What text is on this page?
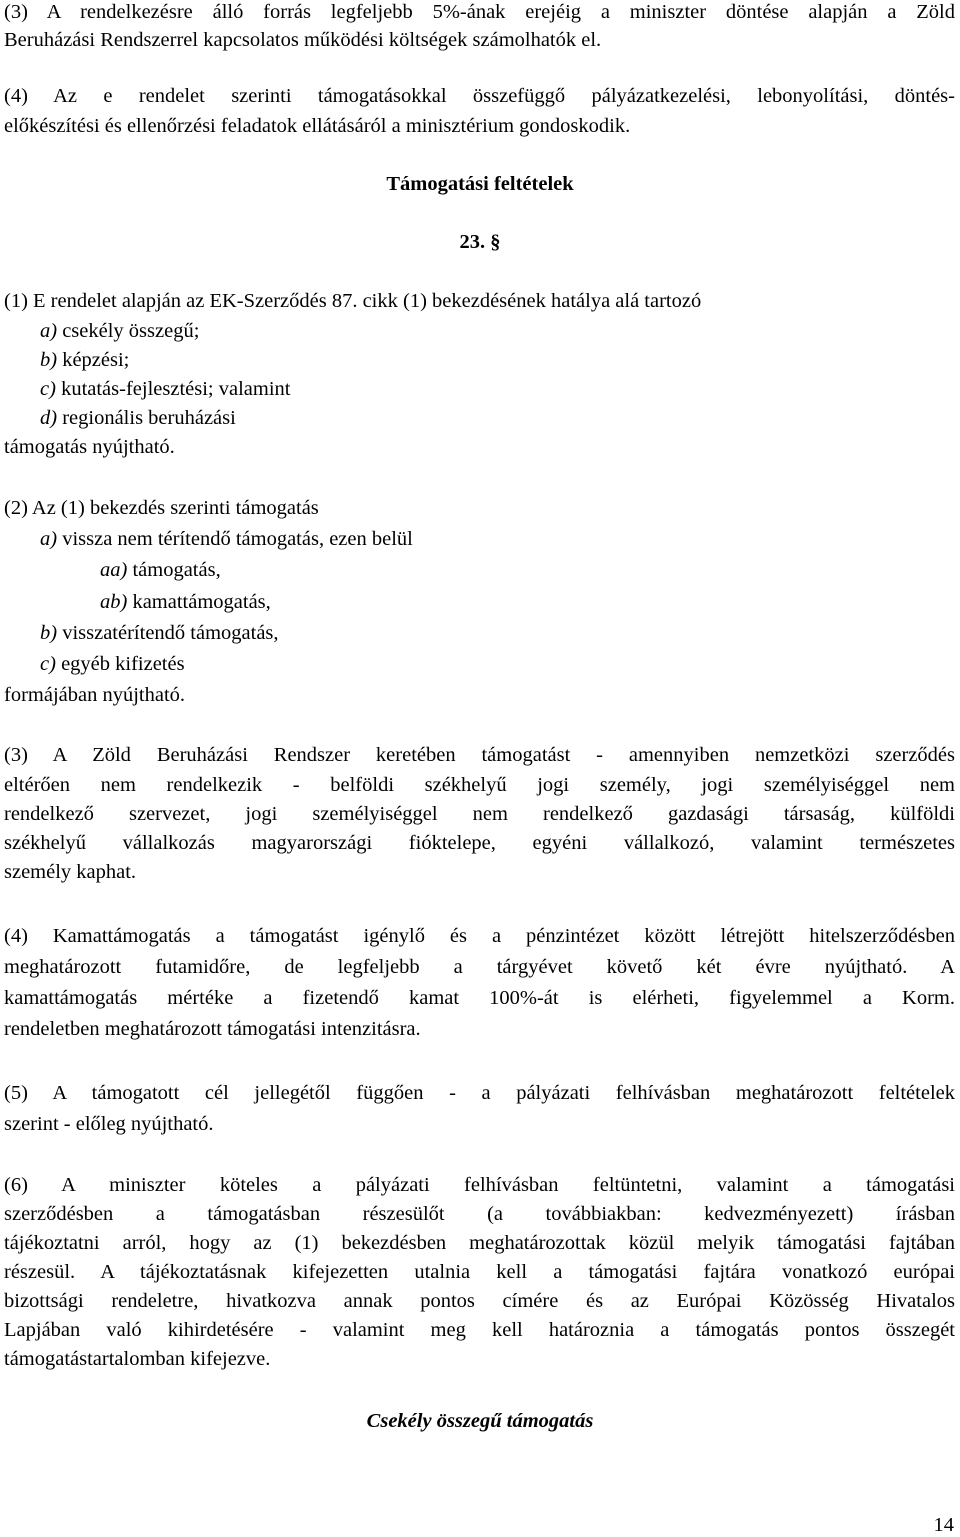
(3) A rendelkezésre álló forrás legfeljebb 5%-ának erejéig a miniszter döntése alapján a Zöld
Beruházási Rendszerrel kapcsolatos működési költségek számolhatók el.
(4) Az e rendelet szerinti támogatásokkal összefüggő pályázatkezelési, lebonyolítási, döntés-
előkészítési és ellenőrzési feladatok ellátásáról a minisztérium gondoskodik.
Támogatási feltételek
23. §
(1) E rendelet alapján az EK-Szerződés 87. cikk (1) bekezdésének hatálya alá tartozó
a) csekély összegű;
b) képzési;
c) kutatás-fejlesztési; valamint
d) regionális beruházási
támogatás nyújtható.
(2) Az (1) bekezdés szerinti támogatás
a) vissza nem térítendő támogatás, ezen belül
aa) támogatás,
ab) kamattámogatás,
b) visszatérítendő támogatás,
c) egyéb kifizetés
formájában nyújtható.
(3) A Zöld Beruházási Rendszer keretében támogatást - amennyiben nemzetközi szerződés
eltérően nem rendelkezik - belföldi székhelyű jogi személy, jogi személyiséggel nem
rendelkező szervezet, jogi személyiséggel nem rendelkező gazdasági társaság, külföldi
székhelyű vállalkozás magyarországi fióktelepe, egyéni vállalkozó, valamint természetes
személy kaphat.
(4) Kamattámogatás a támogatást igénylő és a pénzintézet között létrejött hitelszerződésben
meghatározott futamidőre, de legfeljebb a tárgyévet követő két évre nyújtható. A
kamattámogatás mértéke a fizetendő kamat 100%-át is elérheti, figyelemmel a Korm.
rendeletben meghatározott támogatási intenzitásra.
(5) A támogatott cél jellegétől függően - a pályázati felhívásban meghatározott feltételek
szerint - előleg nyújtható.
(6) A miniszter köteles a pályázati felhívásban feltüntetni, valamint a támogatási
szerződésben a támogatásban részesülőt (a továbbiakban: kedvezményezett) írásban
tájékoztatni arról, hogy az (1) bekezdésben meghatározottak közül melyik támogatási fajtában
részesül. A tájékoztatásnak kifejezetten utalnia kell a támogatási fajtára vonatkozó európai
bizottsági rendeletre, hivatkozva annak pontos címére és az Európai Közösség Hivatalos
Lapjában való kihirdetésére - valamint meg kell határoznia a támogatás pontos összegét
támogatástartalomban kifejezve.
Csekély összegű támogatás
14
